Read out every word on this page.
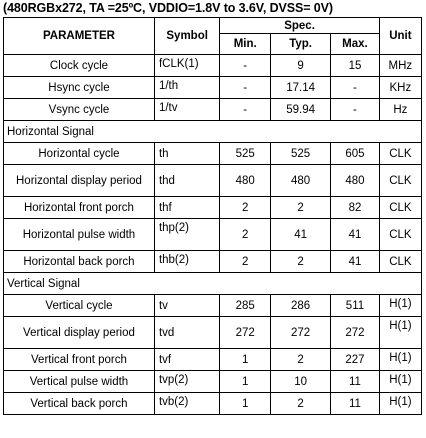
(480RGBx272, TA =25ºC, VDDIO=1.8V to 3.6V, DVSS= 0V)
PARAMETER	Symbol	Spec.			Unit
		Min.	Typ.	Max.	
Clock cycle	fCLK(1)	-	9	15	MHz
Hsync cycle	1/th	-	17.14	-	KHz
Vsync cycle	1/tv	-	59.94	-	Hz
Horizontal Signal					
Horizontal cycle	th	525	525	605	CLK
Horizontal display period	thd	480	480	480	CLK
Horizontal front porch	thf	2	2	82	CLK
Horizontal pulse width	thp(2)	2	41	41	CLK
Horizontal back porch	thb(2)	2	2	41	CLK
Vertical Signal					
Vertical cycle	tv	285	286	511	H(1)
Vertical display period	tvd	272	272	272	H(1)
Vertical front porch	tvf	1	2	227	H(1)
Vertical pulse width	tvp(2)	1	10	11	H(1)
Vertical back porch	tvb(2)	1	2	11	H(1)
